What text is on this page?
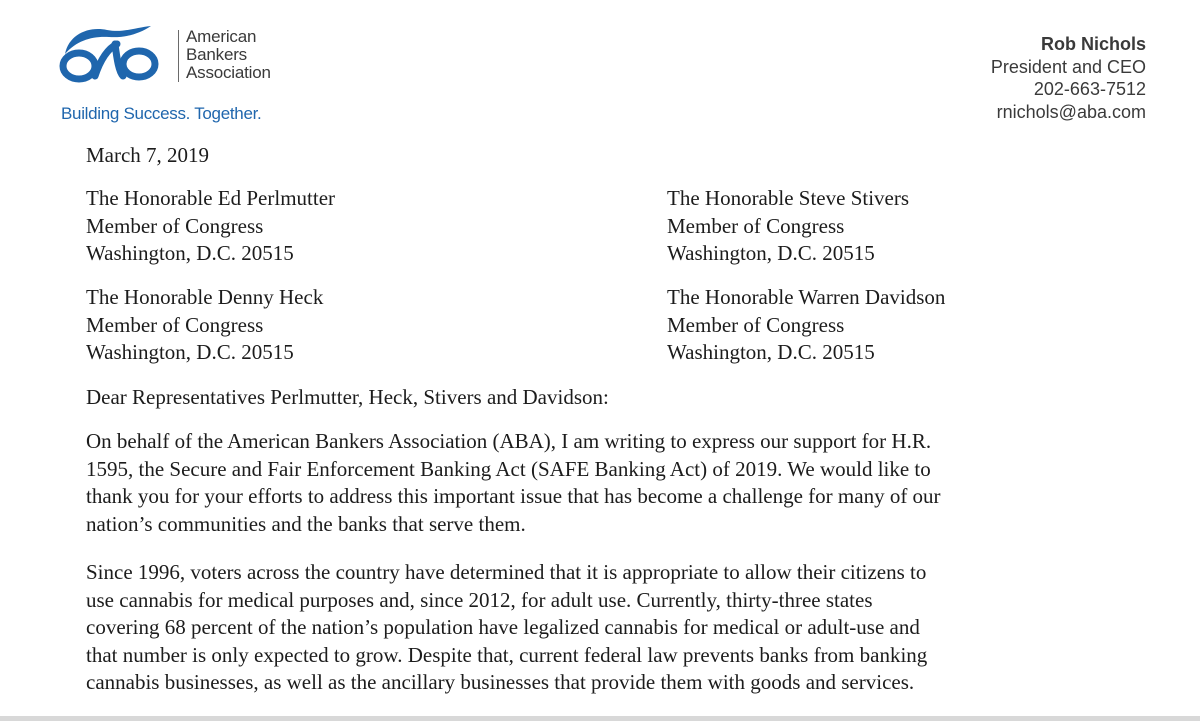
American
Bankers
Association
Building Success. Together.
Rob Nichols
President and CEO
202-663-7512
rnichols@aba.com
March 7, 2019
The Honorable Ed Perlmutter
Member of Congress
Washington, D.C. 20515
The Honorable Steve Stivers
Member of Congress
Washington, D.C. 20515
The Honorable Denny Heck
Member of Congress
Washington, D.C. 20515
The Honorable Warren Davidson
Member of Congress
Washington, D.C. 20515
Dear Representatives Perlmutter, Heck, Stivers and Davidson:
On behalf of the American Bankers Association (ABA), I am writing to express our support for H.R.
1595, the Secure and Fair Enforcement Banking Act (SAFE Banking Act) of 2019. We would like to
thank you for your efforts to address this important issue that has become a challenge for many of our
nation’s communities and the banks that serve them.
Since 1996, voters across the country have determined that it is appropriate to allow their citizens to
use cannabis for medical purposes and, since 2012, for adult use. Currently, thirty-three states
covering 68 percent of the nation’s population have legalized cannabis for medical or adult-use and
that number is only expected to grow. Despite that, current federal law prevents banks from banking
cannabis businesses, as well as the ancillary businesses that provide them with goods and services.
